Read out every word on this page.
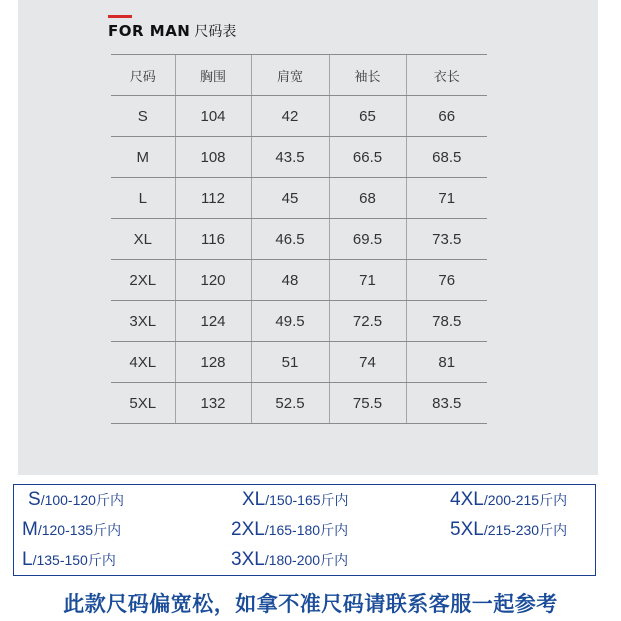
FOR MAN 尺码表
尺码	胸围	肩宽	袖长	衣长
S	104	42	65	66
M	108	43.5	66.5	68.5
L	112	45	68	71
XL	116	46.5	69.5	73.5
2XL	120	48	71	76
3XL	124	49.5	72.5	78.5
4XL	128	51	74	81
5XL	132	52.5	75.5	83.5
S/100-120斤内	XL/150-165斤内	4XL/200-215斤内
M/120-135斤内	2XL/165-180斤内	5XL/215-230斤内
L/135-150斤内	3XL/180-200斤内
此款尺码偏宽松，如拿不准尺码请联系客服一起参考
